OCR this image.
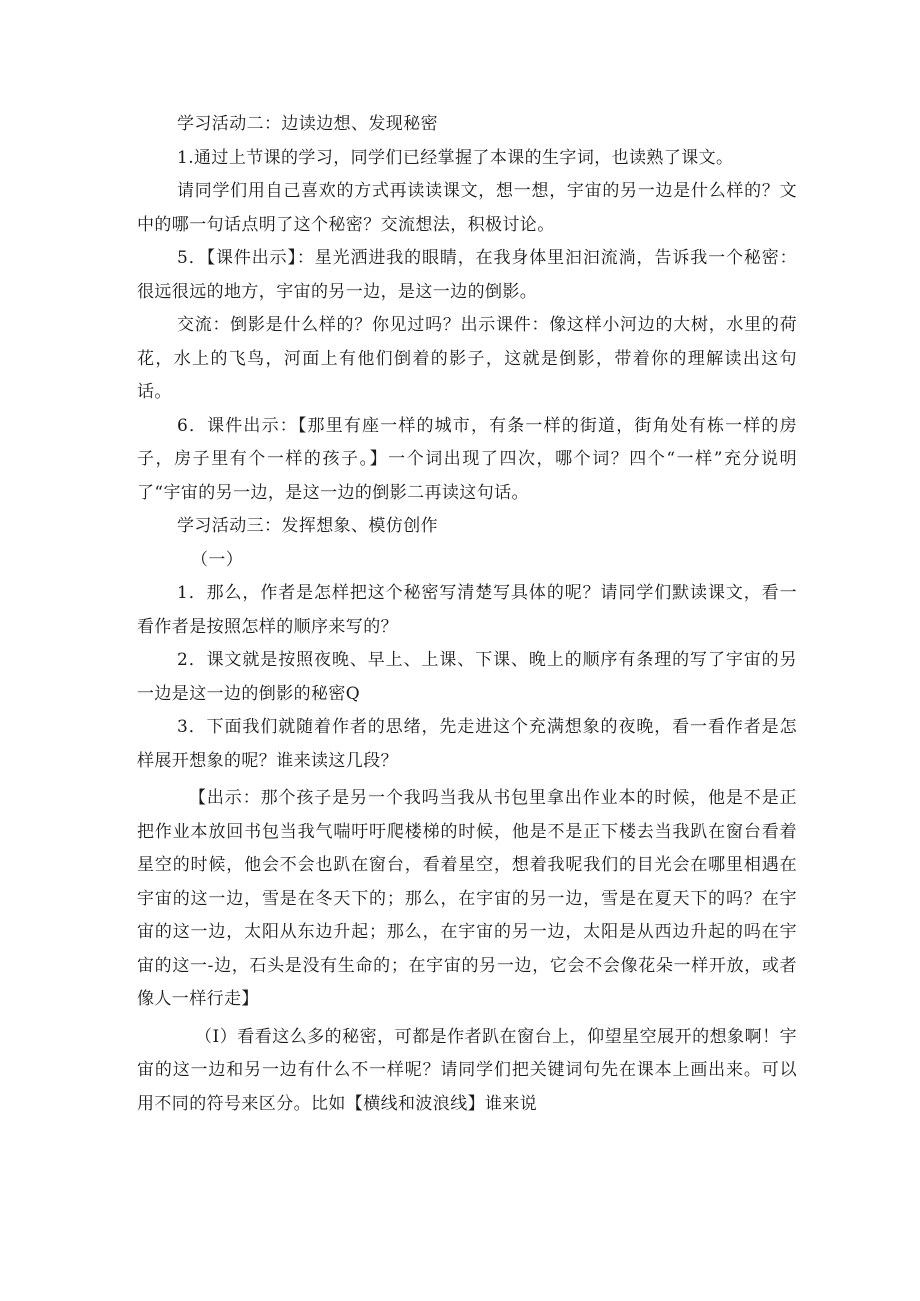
学习活动二：边读边想、发现秘密

1.通过上节课的学习，同学们已经掌握了本课的生字词，也读熟了课文。

请同学们用自己喜欢的方式再读读课文，想一想，宇宙的另一边是什么样的？文中的哪一句话点明了这个秘密？交流想法，积极讨论。

5．【课件出示】：星光洒进我的眼睛，在我身体里汩汩流淌，告诉我一个秘密：很远很远的地方，宇宙的另一边，是这一边的倒影。

交流：倒影是什么样的？你见过吗？出示课件：像这样小河边的大树，水里的荷花，水上的飞鸟，河面上有他们倒着的影子，这就是倒影，带着你的理解读出这句话。

6．课件出示：【那里有座一样的城市，有条一样的街道，街角处有栋一样的房子，房子里有个一样的孩子。】一个词出现了四次，哪个词？四个“一样”充分说明了“宇宙的另一边，是这一边的倒影二再读这句话。

学习活动三：发挥想象、模仿创作

（一）

1．那么，作者是怎样把这个秘密写清楚写具体的呢？请同学们默读课文，看一看作者是按照怎样的顺序来写的？

2．课文就是按照夜晚、早上、上课、下课、晚上的顺序有条理的写了宇宙的另一边是这一边的倒影的秘密Q

3．下面我们就随着作者的思绪，先走进这个充满想象的夜晚，看一看作者是怎样展开想象的呢？谁来读这几段？

【出示：那个孩子是另一个我吗当我从书包里拿出作业本的时候，他是不是正把作业本放回书包当我气喘吁吁爬楼梯的时候，他是不是正下楼去当我趴在窗台看着星空的时候，他会不会也趴在窗台，看着星空，想着我呢我们的目光会在哪里相遇在宇宙的这一边，雪是在冬天下的；那么，在宇宙的另一边，雪是在夏天下的吗？在宇宙的这一边，太阳从东边升起；那么，在宇宙的另一边，太阳是从西边升起的吗在宇宙的这一-边，石头是没有生命的；在宇宙的另一边，它会不会像花朵一样开放，或者像人一样行走】

（I）看看这么多的秘密，可都是作者趴在窗台上，仰望星空展开的想象啊！宇宙的这一边和另一边有什么不一样呢？请同学们把关键词句先在课本上画出来。可以用不同的符号来区分。比如【横线和波浪线】谁来说
